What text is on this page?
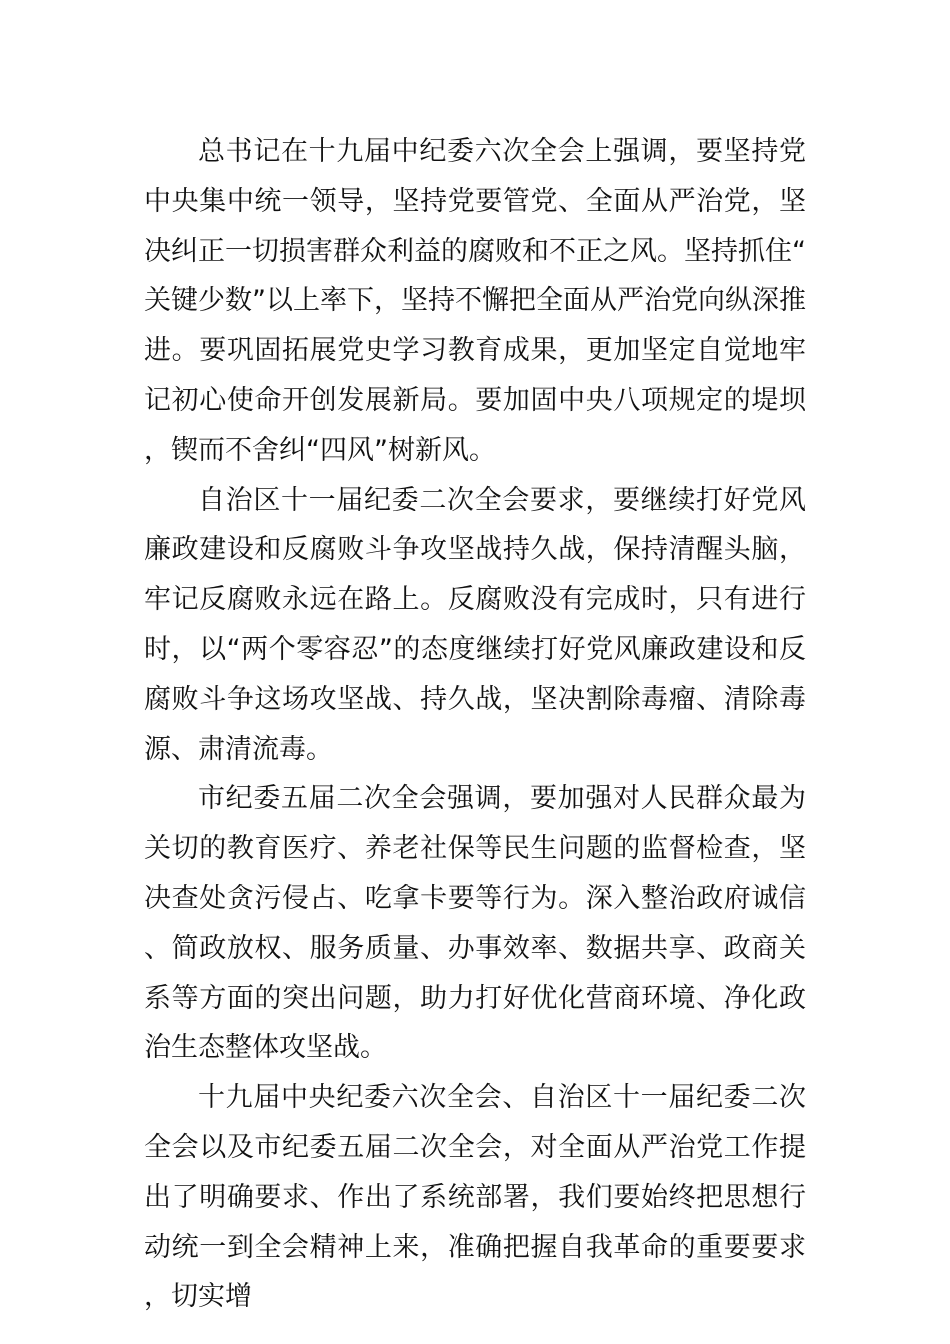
总书记在十九届中纪委六次全会上强调，要坚持党中央集中统一领导，坚持党要管党、全面从严治党，坚决纠正一切损害群众利益的腐败和不正之风。坚持抓住“关键少数”以上率下，坚持不懈把全面从严治党向纵深推进。要巩固拓展党史学习教育成果，更加坚定自觉地牢记初心使命开创发展新局。要加固中央八项规定的堤坝，锲而不舍纠“四风”树新风。

自治区十一届纪委二次全会要求，要继续打好党风廉政建设和反腐败斗争攻坚战持久战，保持清醒头脑，牢记反腐败永远在路上。反腐败没有完成时，只有进行时，以“两个零容忍”的态度继续打好党风廉政建设和反腐败斗争这场攻坚战、持久战，坚决割除毒瘤、清除毒源、肃清流毒。

市纪委五届二次全会强调，要加强对人民群众最为关切的教育医疗、养老社保等民生问题的监督检查，坚决查处贪污侵占、吃拿卡要等行为。深入整治政府诚信、简政放权、服务质量、办事效率、数据共享、政商关系等方面的突出问题，助力打好优化营商环境、净化政治生态整体攻坚战。

十九届中央纪委六次全会、自治区十一届纪委二次全会以及市纪委五届二次全会，对全面从严治党工作提出了明确要求、作出了系统部署，我们要始终把思想行动统一到全会精神上来，准确把握自我革命的重要要求，切实增
